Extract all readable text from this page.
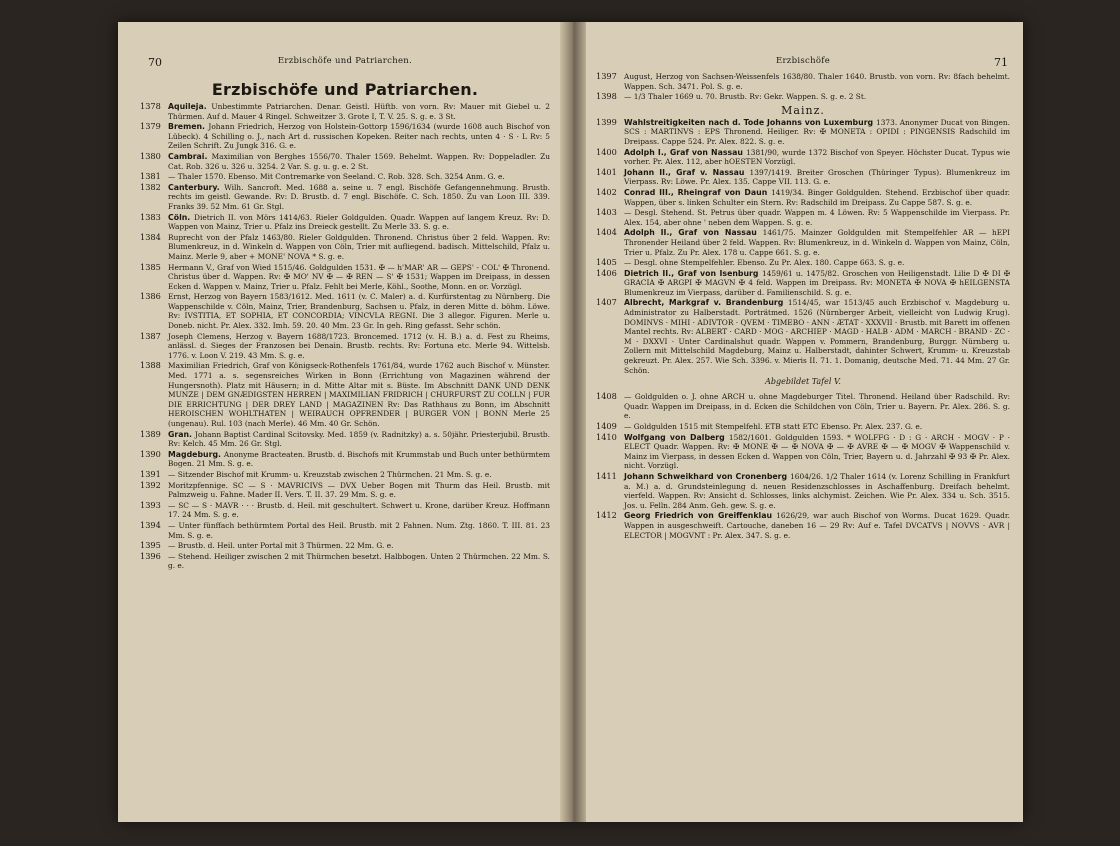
70	Erzbischöfe und Patriarchen.
Erzbischöfe und Patriarchen.
1378 Aquileja. Unbestimmte Patriarchen. Denar. Geistl. Hüftb. von vorn. Rv: Mauer mit Giebel u. 2 Thürmen. Auf d. Mauer 4 Ringel. Schweitzer 3. Grote I, T. V. 25. S. g. e. 3 St.
1379 Bremen. Johann Friedrich, Herzog von Holstein-Gottorp 1596/1634 (wurde 1608 auch Bischof von Lübeck). 4 Schilling o. J., nach Art d. russischen Kopeken. Reiter nach rechts, unten 4 · S · L Rv: 5 Zeilen Schrift. Zu Jungk 316. G. e.
1380 Cambrai. Maximilian von Berghes 1556/70. Thaler 1569. Behelmt. Wappen. Rv: Doppeladler. Zu Cat. Rob. 326 u. 326 u. 3254. 2 Var. S. g. u. g. e. 2 St.
1381 — Thaler 1570. Ebenso. Mit Contremarke von Seeland. C. Rob. 328. Sch. 3254 Anm. G. e.
1382 Canterbury. Wilh. Sancroft. Med. 1688 a. seine u. 7 engl. Bischöfe Gefangennehmung. Brustb. rechts im geistl. Gewande. Rv: D. Brustb. d. 7 engl. Bischöfe. C. Sch. 1850. Zu van Loon III. 339. Franks 39. 52 Mm. 61 Gr. Stgl.
1383 Cöln. Dietrich II. von Mörs 1414/63. Rieler Goldgulden. Quadr. Wappen auf langem Kreuz. Rv: D. Wappen von Mainz, Trier u. Pfalz ins Dreieck gestellt. Zu Merle 33. S. g. e.
1384 Ruprecht von der Pfalz 1463/80. Rieler Goldgulden. Thronend. Christus über 2 feld. Wappen. Rv: Blumenkreuz, in d. Winkeln d. Wappen von Cöln, Trier mit aufliegend. badisch. Mittelschild, Pfalz u. Mainz. Merle 9, aber + MONE' NOVA * S. g. e.
1385 Hermann V., Graf von Wied 1515/46. Goldgulden 1531. ✠ — h'MAR' AR — GEPS' - COL' ✠ Thronend. Christus über d. Wappen. Rv: ✠ MO' NV ✠ — ✠ REN — S' ✠ 1531; Wappen im Dreipass, in dessen Ecken d. Wappen v. Mainz, Trier u. Pfalz. Fehlt bei Merle, Köhl., Soothe, Monn. en or. Vorzügl.
1386 Ernst, Herzog von Bayern 1583/1612. Med. 1611 (v. C. Maler) a. d. Kurfürstentag zu Nürnberg. Die Wappenschilde v. Cöln, Mainz, Trier, Brandenburg, Sachsen u. Pfalz, in deren Mitte d. böhm. Löwe. Rv: IVSTITIA, ET SOPHIA, ET CONCORDIA; VINCVLA REGNI. Die 3 allegor. Figuren. Merle u. Doneb. nicht. Pr. Alex. 332. Imh. 59. 20. 40 Mm. 23 Gr. In geh. Ring gefasst. Sehr schön.
1387 Joseph Clemens, Herzog v. Bayern 1688/1723. Broncemed. 1712 (v. H. B.) a. d. Fest zu Rheims, anlässl. d. Sieges der Franzosen bei Denain. Brustb. rechts. Rv: Fortuna etc. Merle 94. Wittelsb. 1776. v. Loon V. 219. 43 Mm. S. g. e.
1388 Maximilian Friedrich, Graf von Königseck-Rothenfels 1761/84, wurde 1762 auch Bischof v. Münster. Med. 1771 a. s. segensreiches Wirken in Bonn (Errichtung von Magazinen während der Hungersnoth). Platz mit Häusern; in d. Mitte Altar mit s. Büste. Im Abschnitt DANK UND DENK MUNZE | DEM GNÆDIGSTEN HERREN | MAXIMILIAN FRIDRICH | CHURFURST ZU COLLN | FUR DIE ERRICHTUNG | DER DREY LAND | MAGAZINEN Rv: Das Rathhaus zu Bonn, im Abschnitt HEROISCHEN WOHLTHATEN | WEIRAUCH OPFRENDER | BURGER VON | BONN Merle 25 (ungenau). Rul. 103 (nach Merle). 46 Mm. 40 Gr. Schön.
1389 Gran. Johann Baptist Cardinal Scitovsky. Med. 1859 (v. Radnitzky) a. s. 50jähr. Priesterjubil. Brustb. Rv: Kelch. 45 Mm. 26 Gr. Stgl.
1390 Magdeburg. Anonyme Bracteaten. Brustb. d. Bischofs mit Krummstab und Buch unter bethürmtem Bogen. 21 Mm. S. g. e.
1391 — Sitzender Bischof mit Krumm- u. Kreuzstab zwischen 2 Thürmchen. 21 Mm. S. g. e.
1392 Moritzpfennige. SC — S · MAVRICIVS — DVX Ueber Bogen mit Thurm das Heil. Brustb. mit Palmzweig u. Fahne. Mader II. Vers. T. II. 37. 29 Mm. S. g. e.
1393 — SC — S · MAVR · · · Brustb. d. Heil. mit geschultert. Schwert u. Krone, darüber Kreuz. Hoffmann 17. 24 Mm. S. g. e.
1394 — Unter fünffach bethürmtem Portal des Heil. Brustb. mit 2 Fahnen. Num. Ztg. 1860. T. III. 81. 23 Mm. S. g. e.
1395 — Brustb. d. Heil. unter Portal mit 3 Thürmen. 22 Mm. G. e.
1396 — Stehend. Heiliger zwischen 2 mit Thürmchen besetzt. Halbbogen. Unten 2 Thürmchen. 22 Mm. S. g. e.
Erzbischöfe	71
1397 August, Herzog von Sachsen-Weissenfels 1638/80. Thaler 1640. Brustb. von vorn. Rv: 8fach behelmt. Wappen. Sch. 3471. Pol. S. g. e.
1398 — 1/3 Thaler 1669 u. 70. Brustb. Rv: Gekr. Wappen. S. g. e. 2 St.
Mainz.
1399 Wahlstreitigkeiten nach d. Tode Johanns von Luxemburg 1373. Anonymer Ducat von Bingen. SCS : MARTINVS : EPS Thronend. Heiliger. Rv: ✠ MONETA : OPIDI : PINGENSIS Radschild im Dreipass. Cappe 524. Pr. Alex. 822. S. g. e.
1400 Adolph I., Graf von Nassau 1381/90, wurde 1372 Bischof von Speyer. Höchster Ducat. Typus wie vorher. Pr. Alex. 112, aber hOESTEN Vorzügl.
1401 Johann II., Graf v. Nassau 1397/1419. Breiter Groschen (Thüringer Typus). Blumenkreuz im Vierpass. Rv: Löwe. Pr. Alex. 135. Cappe VII. 113. G. e.
1402 Conrad III., Rheingraf von Daun 1419/34. Binger Goldgulden. Stehend. Erzbischof über quadr. Wappen, über s. linken Schulter ein Stern. Rv: Radschild im Dreipass. Zu Cappe 587. S. g. e.
1403 — Desgl. Stehend. St. Petrus über quadr. Wappen m. 4 Löwen. Rv: 5 Wappenschilde im Vierpass. Pr. Alex. 154, aber ohne ' neben dem Wappen. S. g. e.
1404 Adolph II., Graf von Nassau 1461/75. Mainzer Goldgulden mit Stempelfehler AR — hEPI Thronender Heiland über 2 feld. Wappen. Rv: Blumenkreuz, in d. Winkeln d. Wappen von Mainz, Cöln, Trier u. Pfalz. Zu Pr. Alex. 178 u. Cappe 661. S. g. e.
1405 — Desgl. ohne Stempelfehler. Ebenso. Zu Pr. Alex. 180. Cappe 663. S. g. e.
1406 Dietrich II., Graf von Isenburg 1459/61 u. 1475/82. Groschen von Heiligenstadt. Lilie D ✠ DI ✠ GRACIA ✠ ARGPI ✠ MAGVN ✠ 4 feld. Wappen im Dreipass. Rv: MONETA ✠ NOVA ✠ hEILGENSTA Blumenkreuz im Vierpass, darüber d. Familienschild. S. g. e.
1407 Albrecht, Markgraf v. Brandenburg 1514/45, war 1513/45 auch Erzbischof v. Magdeburg u. Administrator zu Halberstadt. Porträtmed. 1526 (Nürnberger Arbeit, vielleicht von Ludwig Krug). DOMINVS · MIHI · ADIVTOR · QVEM · TIMEBO · ANN · ÆTAT · XXXVII · Brustb. mit Barett im offenen Mantel rechts. Rv: ALBERT · CARD · MOG · ARCHIEP · MAGD · HALB · ADM · MARCH · BRAND · ZC · M · DXXVI · Unter Cardinalshut quadr. Wappen v. Pommern, Brandenburg, Burggr. Nürnberg u. Zollern mit Mittelschild Magdeburg, Mainz u. Halberstadt, dahinter Schwert, Krumm- u. Kreuzstab gekreuzt. Pr. Alex. 257. Wie Sch. 3396. v. Mieris II. 71. 1. Domanig, deutsche Med. 71. 44 Mm. 27 Gr. Schön.
Abgebildet Tafel V.
1408 — Goldgulden o. J. ohne ARCH u. ohne Magdeburger Titel. Thronend. Heiland über Radschild. Rv: Quadr. Wappen im Dreipass, in d. Ecken die Schildchen von Cöln, Trier u. Bayern. Pr. Alex. 286. S. g. e.
1409 — Goldgulden 1515 mit Stempelfehl. ETB statt ETC Ebenso. Pr. Alex. 237. G. e.
1410 Wolfgang von Dalberg 1582/1601. Goldgulden 1593. * WOLFFG · D : G · ARCH · MOGV · P · ELECT Quadr. Wappen. Rv: ✠ MONE ✠ — ✠ NOVA ✠ — ✠ AVRE ✠ — ✠ MOGV ✠ Wappenschild v. Mainz im Vierpass, in dessen Ecken d. Wappen von Cöln, Trier, Bayern u. d. Jahrzahl ✠ 93 ✠ Pr. Alex. nicht. Vorzügl.
1411 Johann Schweikhard von Cronenberg 1604/26. 1/2 Thaler 1614 (v. Lorenz Schilling in Frankfurt a. M.) a. d. Grundsteinlegung d. neuen Residenzschlosses in Aschaffenburg. Dreifach behelmt. vierfeld. Wappen. Rv: Ansicht d. Schlosses, links alchymist. Zeichen. Wie Pr. Alex. 334 u. Sch. 3515. Jos. u. Felln. 284 Anm. Geh. gew. S. g. e.
1412 Georg Friedrich von Greiffenklau 1626/29, war auch Bischof von Worms. Ducat 1629. Quadr. Wappen in ausgeschweift. Cartouche, daneben 16 — 29 Rv: Auf e. Tafel DVCATVS | NOVVS · AVR | ELECTOR | MOGVNT : Pr. Alex. 347. S. g. e.
